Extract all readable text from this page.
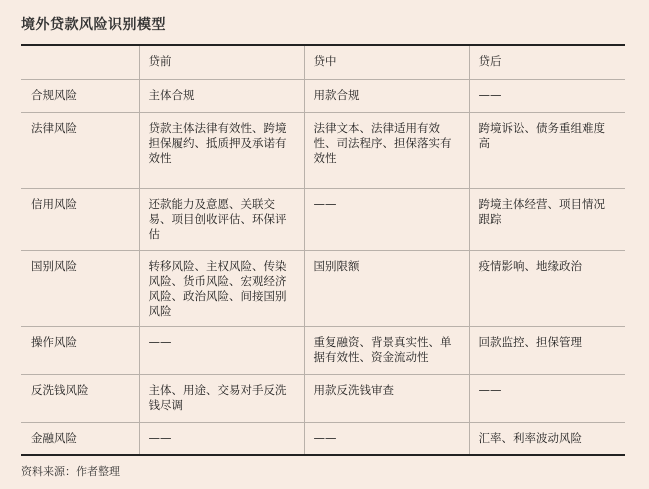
境外贷款风险识别模型
	贷前	贷中	贷后
合规风险	主体合规	用款合规	——
法律风险	贷款主体法律有效性、跨境担保履约、抵质押及承诺有效性	法律文本、法律适用有效性、司法程序、担保落实有效性	跨境诉讼、债务重组难度高
信用风险	还款能力及意愿、关联交易、项目创收评估、环保评估	——	跨境主体经营、项目情况跟踪
国别风险	转移风险、主权风险、传染风险、货币风险、宏观经济风险、政治风险、间接国别风险	国别限额	疫情影响、地缘政治
操作风险	——	重复融资、背景真实性、单据有效性、资金流动性	回款监控、担保管理
反洗钱风险	主体、用途、交易对手反洗钱尽调	用款反洗钱审查	——
金融风险	——	——	汇率、利率波动风险
资料来源：作者整理
